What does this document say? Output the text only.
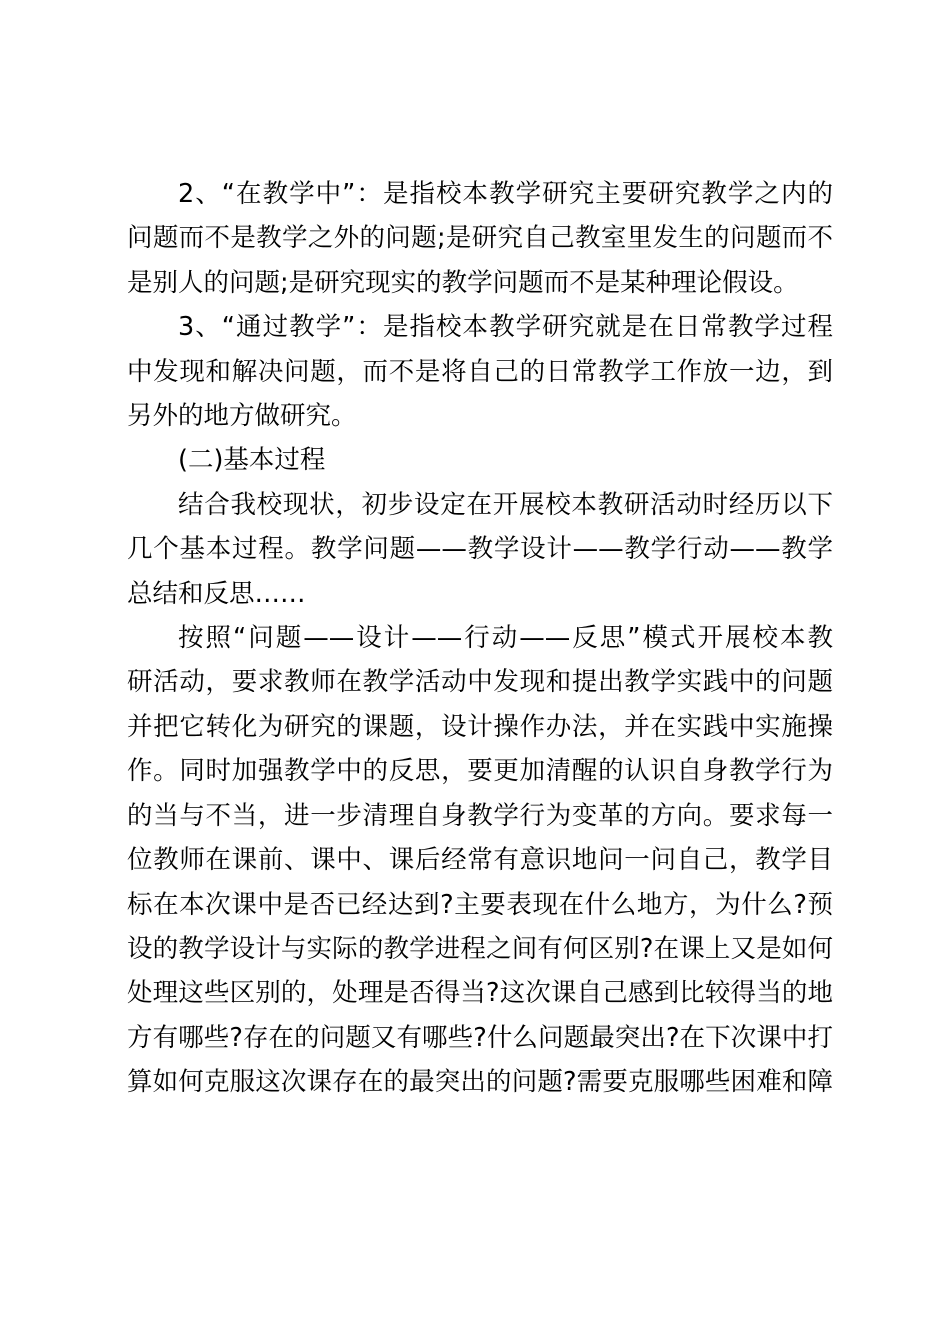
2、“在教学中”：是指校本教学研究主要研究教学之内的
问题而不是教学之外的问题;是研究自己教室里发生的问题而不
是别人的问题;是研究现实的教学问题而不是某种理论假设。
3、“通过教学”：是指校本教学研究就是在日常教学过程
中发现和解决问题，而不是将自己的日常教学工作放一边，到
另外的地方做研究。
(二)基本过程
结合我校现状，初步设定在开展校本教研活动时经历以下
几个基本过程。教学问题——教学设计——教学行动——教学
总结和反思……
按照“问题——设计——行动——反思”模式开展校本教
研活动，要求教师在教学活动中发现和提出教学实践中的问题
并把它转化为研究的课题，设计操作办法，并在实践中实施操
作。同时加强教学中的反思，要更加清醒的认识自身教学行为
的当与不当，进一步清理自身教学行为变革的方向。要求每一
位教师在课前、课中、课后经常有意识地问一问自己，教学目
标在本次课中是否已经达到?主要表现在什么地方，为什么?预
设的教学设计与实际的教学进程之间有何区别?在课上又是如何
处理这些区别的，处理是否得当?这次课自己感到比较得当的地
方有哪些?存在的问题又有哪些?什么问题最突出?在下次课中打
算如何克服这次课存在的最突出的问题?需要克服哪些困难和障
